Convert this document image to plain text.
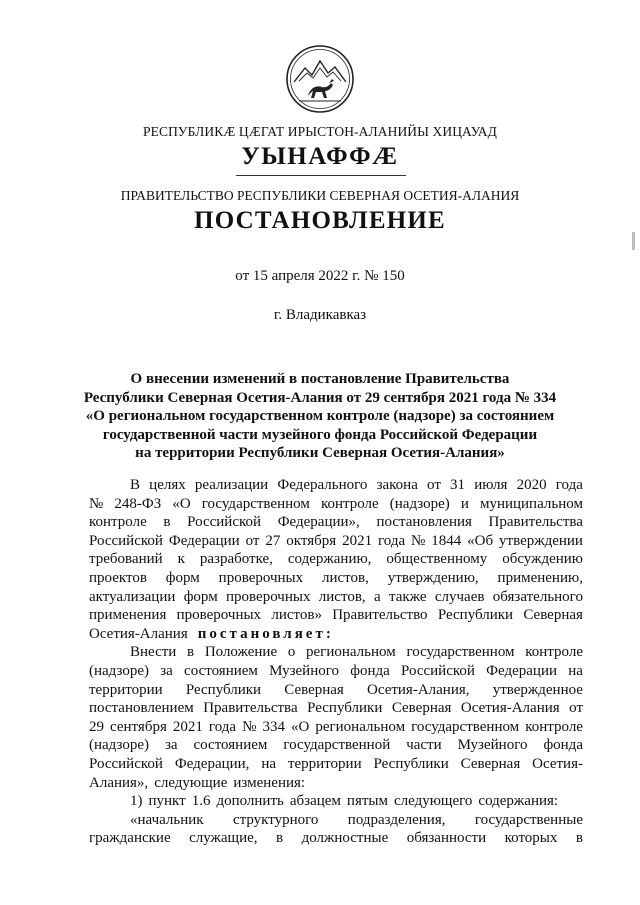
РЕСПУБЛИКӔ ЦӔГАТ ИРЫСТОН-АЛАНИЙЫ ХИЦАУАД
УЫНАФФӔ
ПРАВИТЕЛЬСТВО РЕСПУБЛИКИ СЕВЕРНАЯ ОСЕТИЯ-АЛАНИЯ
ПОСТАНОВЛЕНИЕ
от 15 апреля 2022 г. № 150
г. Владикавказ
О внесении изменений в постановление Правительства
Республики Северная Осетия-Алания от 29 сентября 2021 года № 334
«О региональном государственном контроле (надзоре) за состоянием
государственной части музейного фонда Российской Федерации
на территории Республики Северная Осетия-Алания»
В целях реализации Федерального закона от 31 июля 2020 года
№ 248-ФЗ «О государственном контроле (надзоре) и муниципальном
контроле в Российской Федерации», постановления Правительства
Российской Федерации от 27 октября 2021 года № 1844 «Об утверждении
требований к разработке, содержанию, общественному обсуждению
проектов форм проверочных листов, утверждению, применению,
актуализации форм проверочных листов, а также случаев обязательного
применения проверочных листов» Правительство Республики Северная
Осетия-Алания постановляет:
Внести в Положение о региональном государственном контроле
(надзоре) за состоянием Музейного фонда Российской Федерации на
территории Республики Северная Осетия-Алания, утвержденное
постановлением Правительства Республики Северная Осетия-Алания от
29 сентября 2021 года № 334 «О региональном государственном контроле
(надзоре) за состоянием государственной части Музейного фонда
Российской Федерации, на территории Республики Северная Осетия-
Алания», следующие изменения:
1) пункт 1.6 дополнить абзацем пятым следующего содержания:
«начальник структурного подразделения, государственные
гражданские служащие, в должностные обязанности которых в
